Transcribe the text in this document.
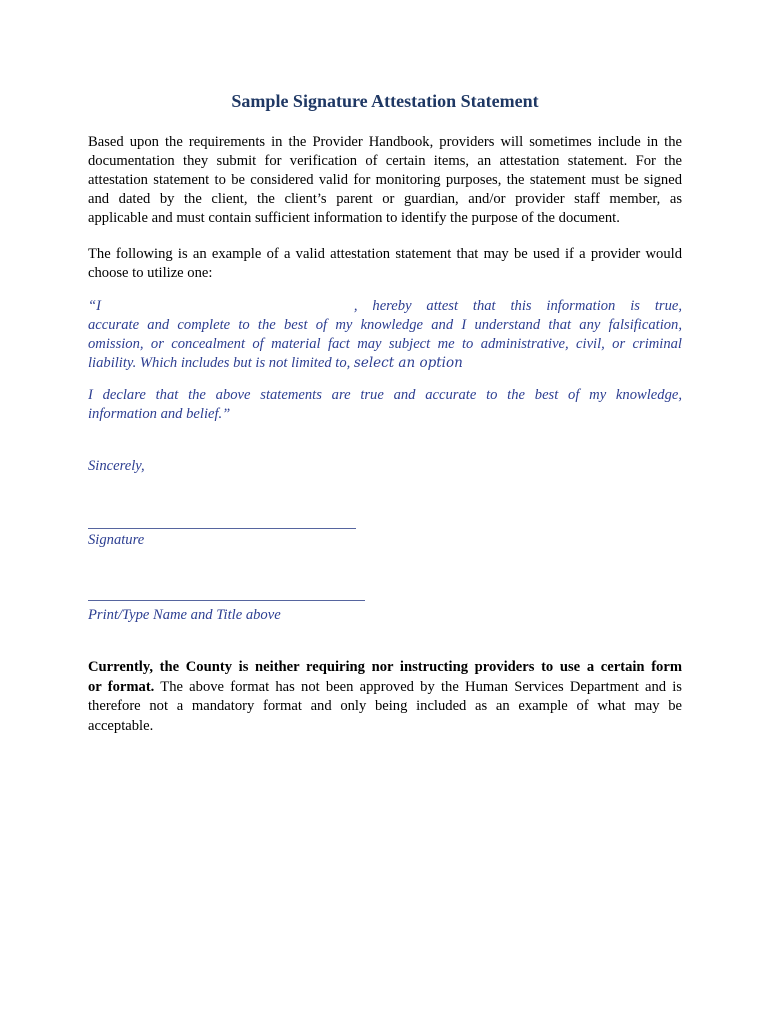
Sample Signature Attestation Statement
Based upon the requirements in the Provider Handbook, providers will sometimes include in the
documentation they submit for verification of certain items, an attestation statement. For the
attestation statement to be considered valid for monitoring purposes, the statement must be signed
and dated by the client, the client’s parent or guardian, and/or provider staff member, as
applicable and must contain sufficient information to identify the purpose of the document.
The following is an example of a valid attestation statement that may be used if a provider would
choose to utilize one:
“I	, hereby attest that this information is true,
accurate and complete to the best of my knowledge and I understand that any falsification,
omission, or concealment of material fact may subject me to administrative, civil, or criminal
liability. Which includes but is not limited to, select an option
I declare that the above statements are true and accurate to the best of my knowledge,
information and belief.”
Sincerely,
Signature
Print/Type Name and Title above
Currently, the County is neither requiring nor instructing providers to use a certain form
or format. The above format has not been approved by the Human Services Department and is
therefore not a mandatory format and only being included as an example of what may be
acceptable.
